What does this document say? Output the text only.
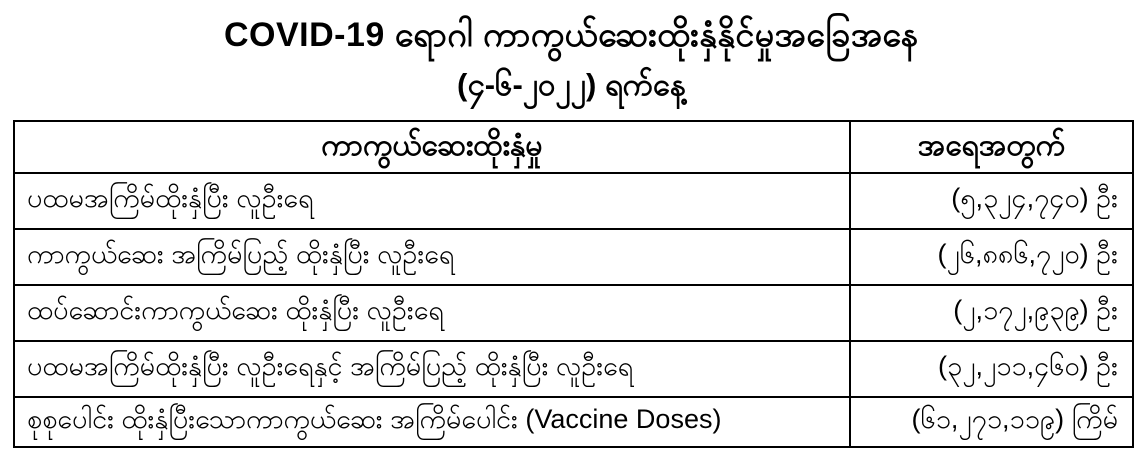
COVID-19 ရောဂါ ကာကွယ်ဆေးထိုးနှံနိုင်မှုအခြေအနေ
(၄-၆-၂၀၂၂) ရက်နေ့
ကာကွယ်ဆေးထိုးနှံမှု	အရေအတွက်
ပထမအကြိမ်ထိုးနှံပြီး လူဦးရေ	(၅,၃၂၄,၇၄၀) ဦး
ကာကွယ်ဆေး အကြိမ်ပြည့် ထိုးနှံပြီး လူဦးရေ	(၂၆,၈၈၆,၇၂၀) ဦး
ထပ်ဆောင်းကာကွယ်ဆေး ထိုးနှံပြီး လူဦးရေ	(၂,၁၇၂,၉၃၉) ဦး
ပထမအကြိမ်ထိုးနှံပြီး လူဦးရေနှင့် အကြိမ်ပြည့် ထိုးနှံပြီး လူဦးရေ	(၃၂,၂၁၁,၄၆၀) ဦး
စုစုပေါင်း ထိုးနှံပြီးသောကာကွယ်ဆေး အကြိမ်ပေါင်း (Vaccine Doses)	(၆၁,၂၇၁,၁၁၉) ကြိမ်
